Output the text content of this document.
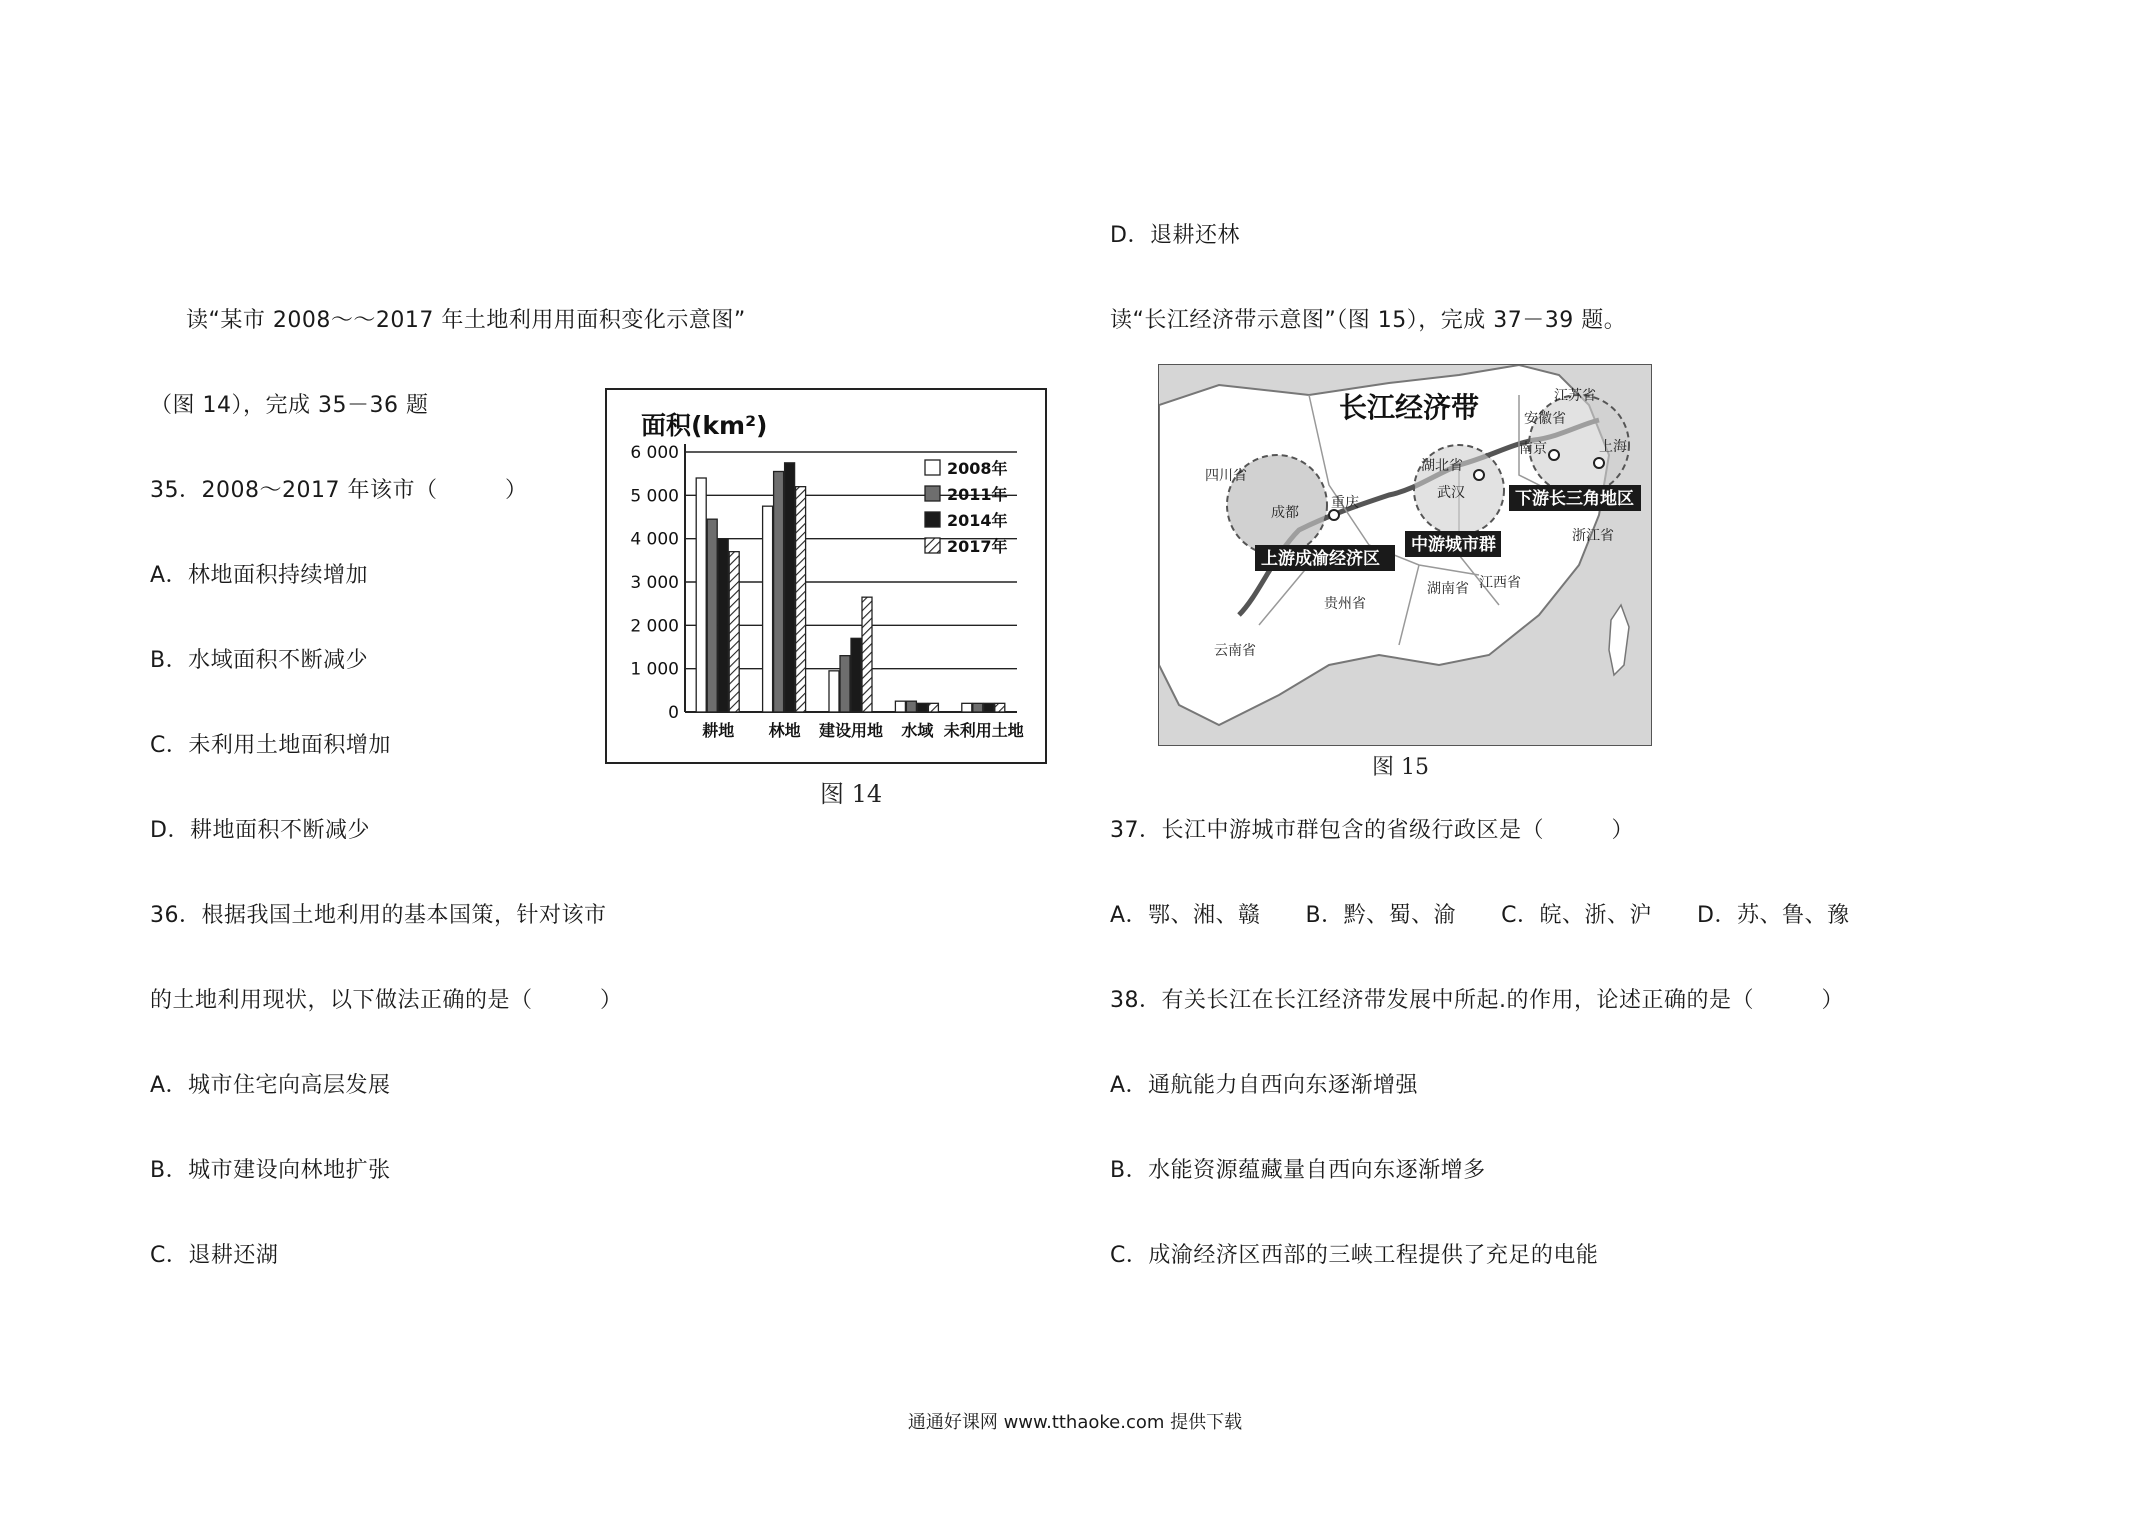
读“某市 2008～～2017 年土地利用用面积变化示意图”
（图 14），完成 35－36 题
35．2008～2017 年该市（　　　）
A．林地面积持续增加
B．水域面积不断减少
C．未利用土地面积增加
D．耕地面积不断减少
36．根据我国土地利用的基本国策，针对该市
的土地利用现状，以下做法正确的是（　　　）
A．城市住宅向高层发展
B．城市建设向林地扩张
C．退耕还湖
D．退耕还林
读“长江经济带示意图”（图 15），完成 37－39 题。
37．长江中游城市群包含的省级行政区是（　　　）
A．鄂、湘、赣　　B．黔、蜀、渝　　C．皖、浙、沪　　D．苏、鲁、豫
38．有关长江在长江经济带发展中所起.的作用，论述正确的是（　　　）
A．通航能力自西向东逐渐增强
B．水能资源蕴藏量自西向东逐渐增多
C．成渝经济区西部的三峡工程提供了充足的电能
面积(km²)
0
1 000
2 000
3 000
4 000
5 000
6 000
耕地 林地 建设用地 水域 未利用土地
2008年
2011年
2014年
2017年
图 14
长江经济带
四川省
湖北省
安徽省
江苏省
浙江省
湖南省 江西省
贵州省
云南省
成都
重庆
武汉
南京	上海
上游成渝经济区
中游城市群
下游长三角地区
图 15
通通好课网 www.tthaoke.com 提供下载
